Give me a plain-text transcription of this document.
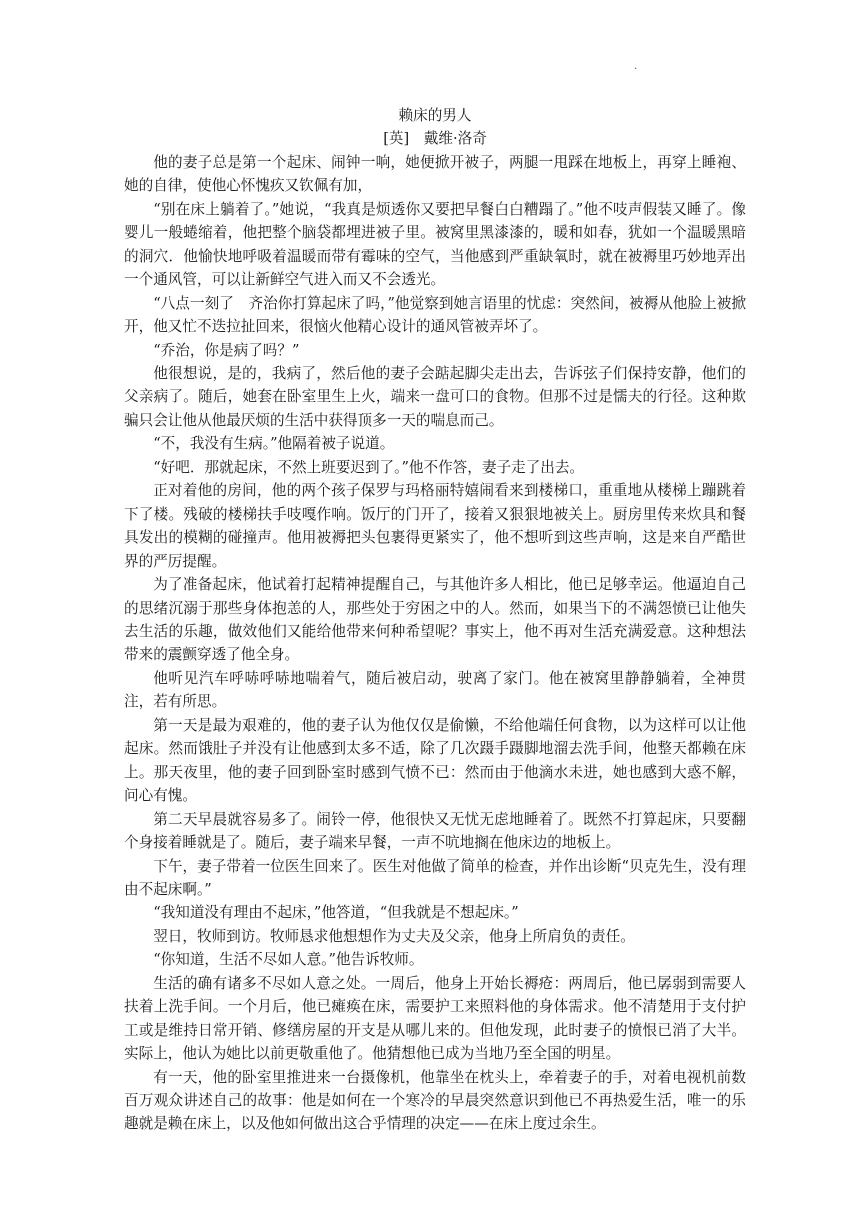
·

赖床的男人

[英]　戴维·洛奇

他的妻子总是第一个起床、闹钟一响，她便掀开被子，两腿一甩踩在地板上，再穿上睡袍、她的自律，使他心怀愧疚又钦佩有加，

“别在床上躺着了。”她说，“我真是烦透你又要把早餐白白糟蹋了。”他不吱声假装又睡了。像婴儿一般蜷缩着，他把整个脑袋都埋进被子里。被窝里黑漆漆的，暖和如春，犹如一个温暖黑暗的洞穴．他愉快地呼吸着温暖而带有霉味的空气，当他感到严重缺氧时，就在被褥里巧妙地弄出一个通风管，可以让新鲜空气进入而又不会透光。

“八点一刻了　齐治你打算起床了吗，”他觉察到她言语里的忧虑：突然间，被褥从他脸上被掀开，他又忙不迭拉扯回来，很恼火他精心设计的通风管被弄坏了。

“乔治，你是病了吗？”

他很想说，是的，我病了，然后他的妻子会踮起脚尖走出去，告诉弦子们保持安静，他们的父亲病了。随后，她套在卧室里生上火，端来一盘可口的食物。但那不过是懦夫的行径。这种欺骗只会让他从他最厌烦的生活中获得顶多一天的喘息而己。

“不，我没有生病。”他隔着被子说道。

“好吧．那就起床，不然上班要迟到了。”他不作答，妻子走了出去。

正对着他的房间，他的两个孩子保罗与玛格丽特嬉闹看来到楼梯口，重重地从楼梯上蹦跳着下了楼。残破的楼梯扶手吱嘎作响。饭厅的门开了，接着又狠狠地被关上。厨房里传来炊具和餐具发出的模糊的碰撞声。他用被褥把头包裹得更紧实了，他不想听到这些声响，这是来自严酷世界的严厉提醒。

为了准备起床，他试着打起精神提醒自己，与其他许多人相比，他已足够幸运。他逼迫自己的思绪沉溺于那些身体抱恙的人，那些处于穷困之中的人。然而，如果当下的不满怨愤已让他失去生活的乐趣，做效他们又能给他带来何种希望呢？事实上，他不再对生活充满爱意。这种想法带来的震颤穿透了他全身。

他听见汽车呼哧呼哧地喘着气，随后被启动，驶离了家门。他在被窝里静静躺着，全神贯注，若有所思。

第一天是最为艰难的，他的妻子认为他仅仅是偷懒，不给他端任何食物，以为这样可以让他起床。然而饿肚子并没有让他感到太多不适，除了几次蹑手蹑脚地溜去洗手间，他整天都赖在床上。那天夜里，他的妻子回到卧室时感到气愤不已：然而由于他滴水未进，她也感到大惑不解，问心有愧。

第二天早晨就容易多了。闹铃一停，他很快又无忧无虑地睡着了。既然不打算起床，只要翻个身接着睡就是了。随后，妻子端来早餐，一声不吭地搁在他床边的地板上。

下午，妻子带着一位医生回来了。医生对他做了简单的检查，并作出诊断“贝克先生，没有理由不起床啊。”

“我知道没有理由不起床，”他答道，“但我就是不想起床。”

翌日，牧师到访。牧师恳求他想想作为丈夫及父亲，他身上所肩负的责任。

“你知道，生活不尽如人意。”他告诉牧师。

生活的确有诸多不尽如人意之处。一周后，他身上开始长褥疮：两周后，他已孱弱到需要人扶着上洗手间。一个月后，他已瘫痪在床，需要护工来照料他的身体需求。他不清楚用于支付护工或是维持日常开销、修缮房屋的开支是从哪儿来的。但他发现，此时妻子的愤恨已消了大半。实际上，他认为她比以前更敬重他了。他猜想他已成为当地乃至全国的明星。

有一天，他的卧室里推进来一台摄像机，他靠坐在枕头上，牵着妻子的手，对着电视机前数百万观众讲述自己的故事：他是如何在一个寒冷的早晨突然意识到他已不再热爱生活，唯一的乐趣就是赖在床上，以及他如何做出这合乎情理的决定——在床上度过余生。
